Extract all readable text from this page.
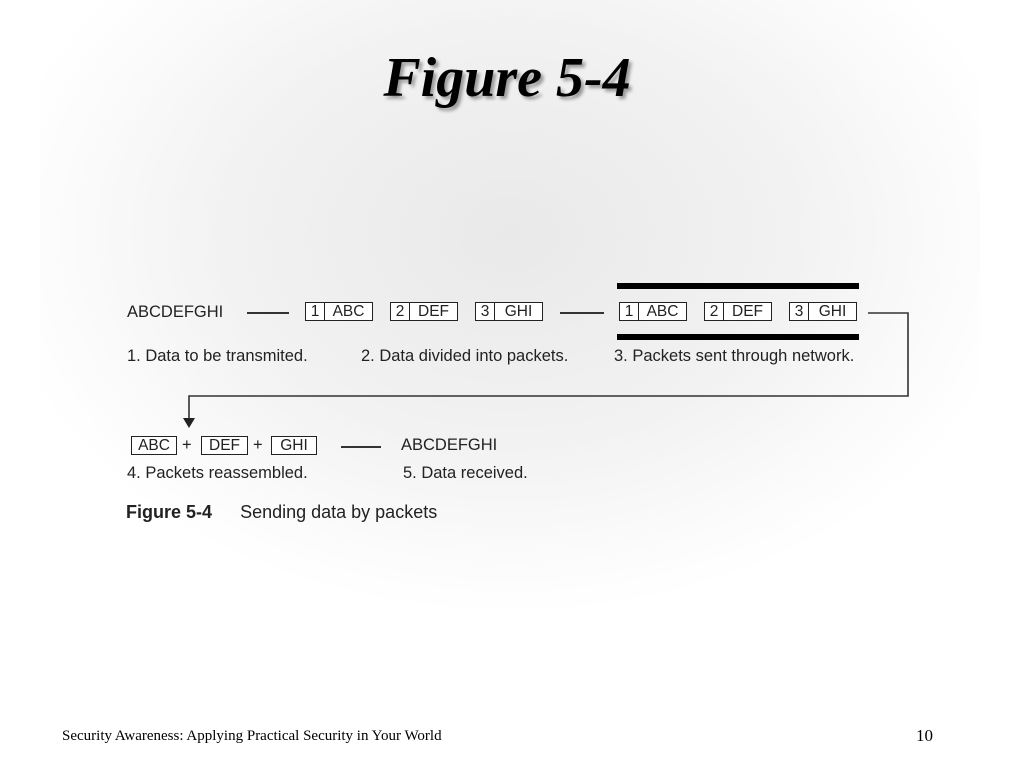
Figure 5-4
ABCDEFGHI	1 ABC	2 DEF	3 GHI	1 ABC	2 DEF	3 GHI
1. Data to be transmited.	2. Data divided into packets.	3. Packets sent through network.
ABC +	DEF +	GHI	ABCDEFGHI
4. Packets reassembled.	5. Data received.
Figure 5-4 Sending data by packets
Security Awareness: Applying Practical Security in Your World	10
